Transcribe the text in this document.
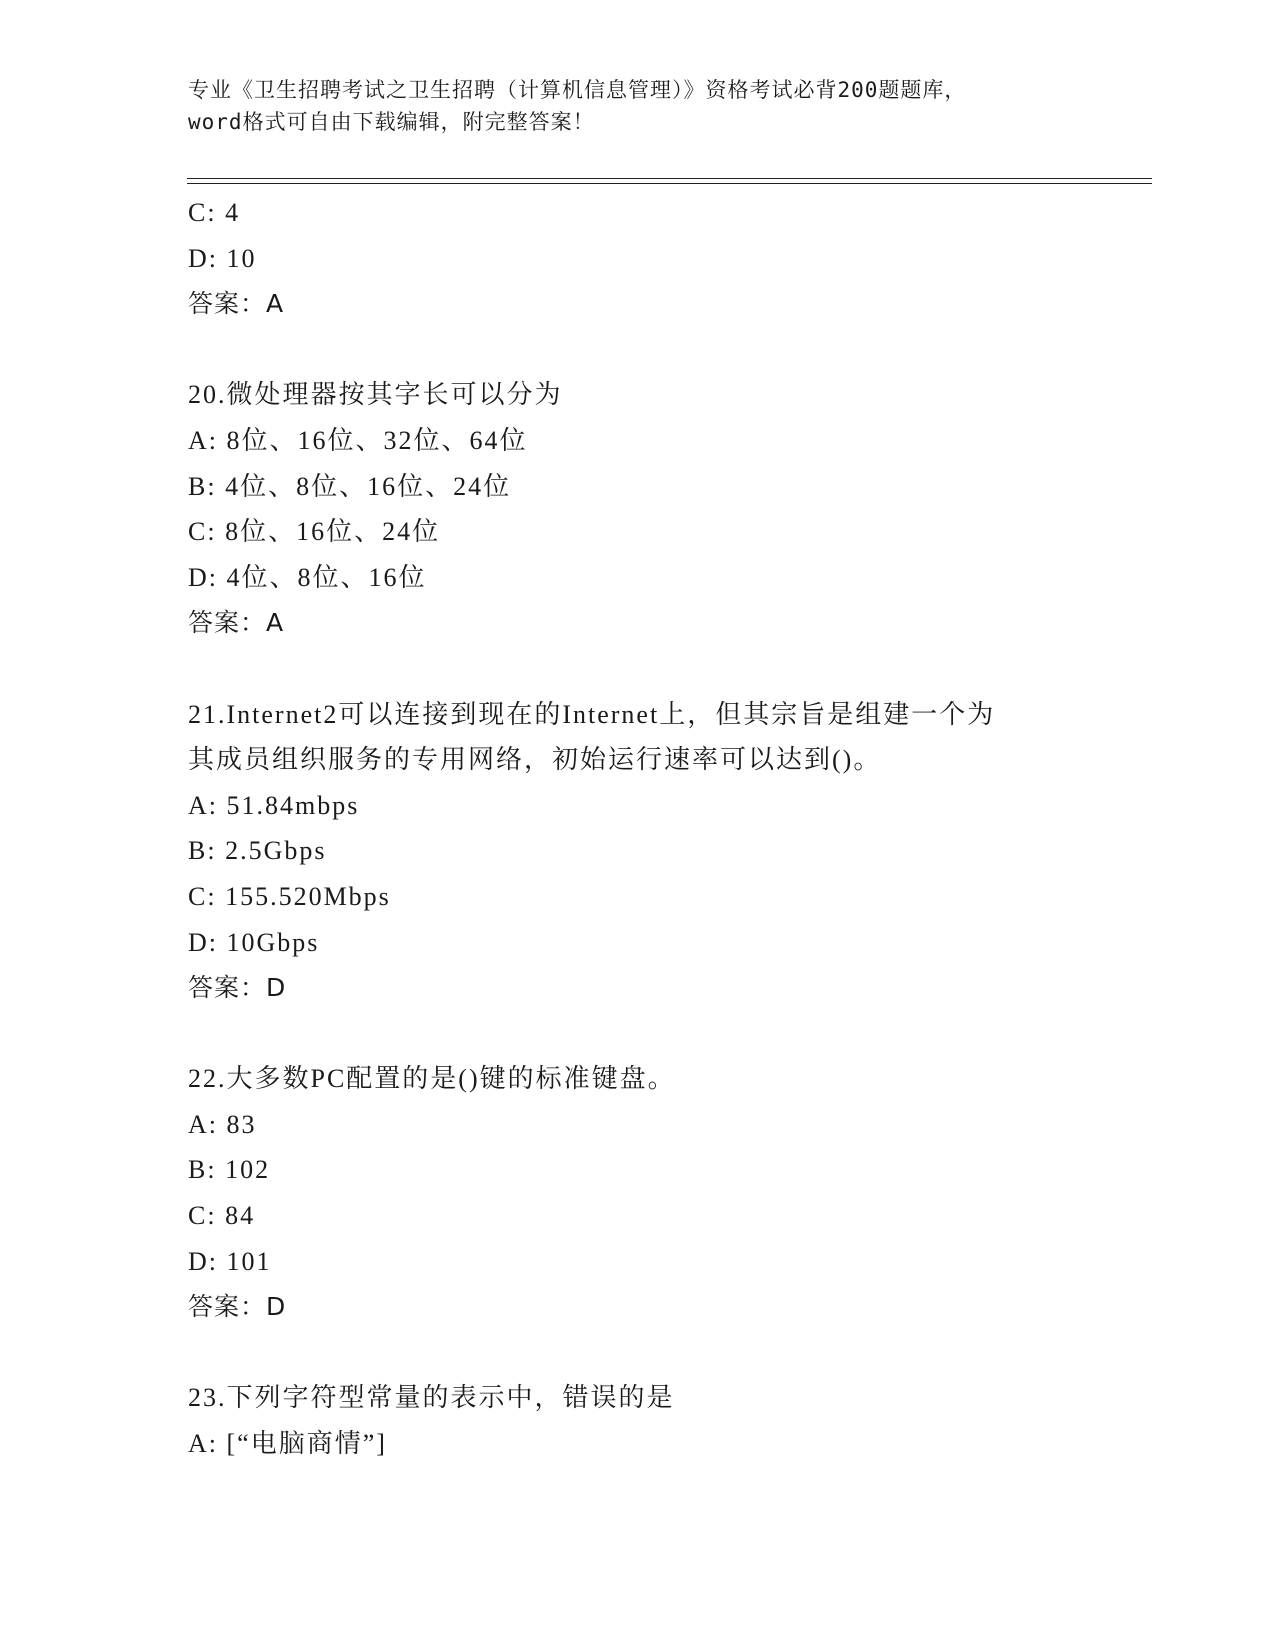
专业《卫生招聘考试之卫生招聘（计算机信息管理）》资格考试必背200题题库，
word格式可自由下载编辑，附完整答案！
C: 4
D: 10
答案：A
20.微处理器按其字长可以分为
A: 8位、16位、32位、64位
B: 4位、8位、16位、24位
C: 8位、16位、24位
D: 4位、8位、16位
答案：A
21.Internet2可以连接到现在的Internet上，但其宗旨是组建一个为
其成员组织服务的专用网络，初始运行速率可以达到()。
A: 51.84mbps
B: 2.5Gbps
C: 155.520Mbps
D: 10Gbps
答案：D
22.大多数PC配置的是()键的标准键盘。
A: 83
B: 102
C: 84
D: 101
答案：D
23.下列字符型常量的表示中，错误的是
A: [“电脑商情”]
